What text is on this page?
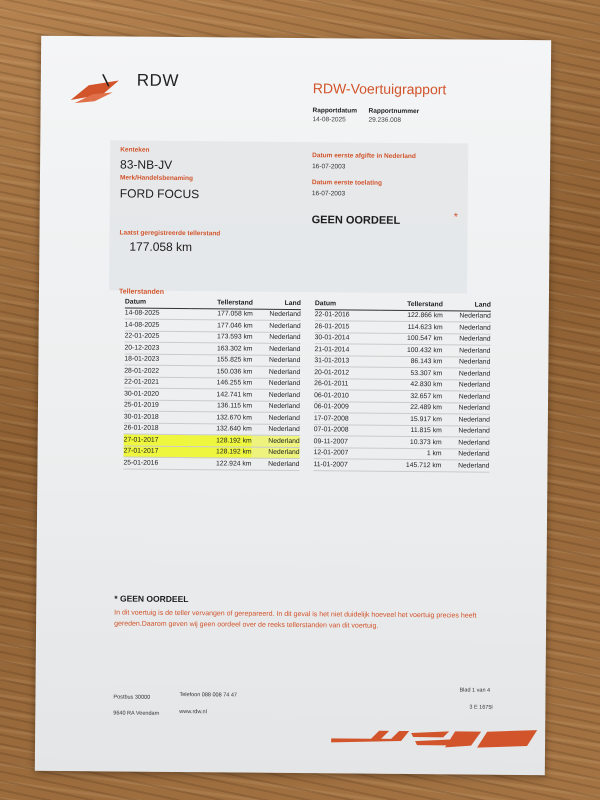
RDW	RDW-Voertuigrapport
Rapportdatum
14-08-2025
Rapportnummer
29.236.008
Kenteken
83-NB-JV
Merk/Handelsbenaming
FORD FOCUS
Datum eerste afgifte in Nederland
16-07-2003
Datum eerste toelating
16-07-2003
GEEN OORDEEL	*
Laatst geregistreerde tellerstand
177.058 km
Tellerstanden
Datum	Tellerstand	Land
14-08-2025	177.058 km	Nederland
14-08-2025	177.046 km	Nederland
22-01-2025	173.593 km	Nederland
20-12-2023	163.302 km	Nederland
18-01-2023	155.825 km	Nederland
28-01-2022	150.036 km	Nederland
22-01-2021	146.255 km	Nederland
30-01-2020	142.741 km	Nederland
25-01-2019	136.115 km	Nederland
30-01-2018	132.670 km	Nederland
26-01-2018	132.640 km	Nederland
27-01-2017	128.192 km	Nederland
27-01-2017	128.192 km	Nederland
25-01-2016	122.924 km	Nederland
Datum	Tellerstand	Land
22-01-2016	122.866 km	Nederland
26-01-2015	114.623 km	Nederland
30-01-2014	100.547 km	Nederland
21-01-2014	100.432 km	Nederland
31-01-2013	86.143 km	Nederland
20-01-2012	53.307 km	Nederland
26-01-2011	42.830 km	Nederland
06-01-2010	32.657 km	Nederland
06-01-2009	22.489 km	Nederland
17-07-2008	15.917 km	Nederland
07-01-2008	11.815 km	Nederland
09-11-2007	10.373 km	Nederland
12-01-2007	1 km	Nederland
11-01-2007	145.712 km	Nederland
* GEEN OORDEEL
In dit voertuig is de teller vervangen of gerepareerd. In dit geval is het niet duidelijk hoeveel het voertuig precies heeft gereden.Daarom geven wij geen oordeel over de reeks tellerstanden van dit voertuig.
Postbus 30000
9640 RA Veendam
Telefoon 088 008 74 47
www.rdw.nl
Blad 1 van 4
3 E 1675l
